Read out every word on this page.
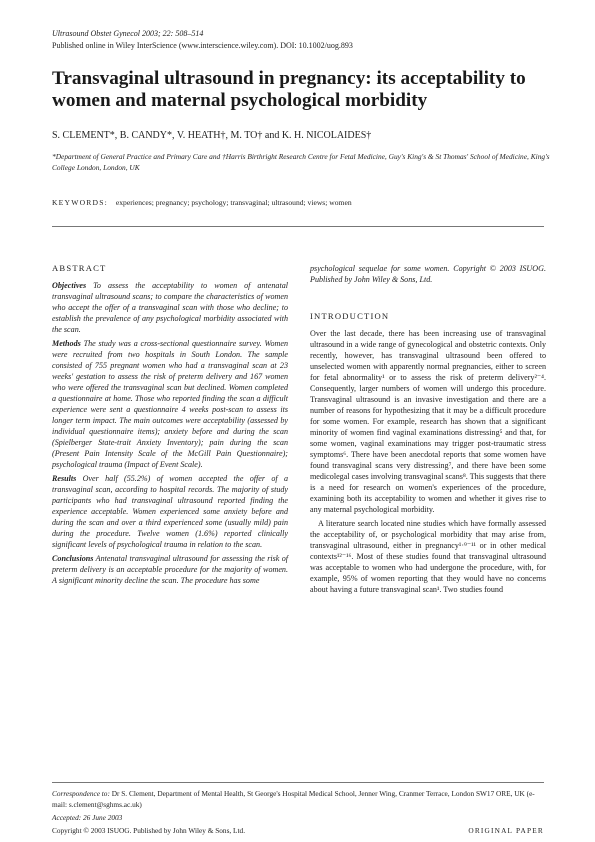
Ultrasound Obstet Gynecol 2003; 22: 508–514
Published online in Wiley InterScience (www.interscience.wiley.com). DOI: 10.1002/uog.893
Transvaginal ultrasound in pregnancy: its acceptability to women and maternal psychological morbidity
S. CLEMENT*, B. CANDY*, V. HEATH†, M. TO† and K. H. NICOLAIDES†
*Department of General Practice and Primary Care and †Harris Birthright Research Centre for Fetal Medicine, Guy's King's & St Thomas' School of Medicine, King's College London, London, UK
KEYWORDS: experiences; pregnancy; psychology; transvaginal; ultrasound; views; women
ABSTRACT

Objectives To assess the acceptability to women of antenatal transvaginal ultrasound scans; to compare the characteristics of women who accept the offer of a transvaginal scan with those who decline; to establish the prevalence of any psychological morbidity associated with the scan.

Methods The study was a cross-sectional questionnaire survey. Women were recruited from two hospitals in South London. The sample consisted of 755 pregnant women who had a transvaginal scan at 23 weeks' gestation to assess the risk of preterm delivery and 167 women who were offered the transvaginal scan but declined. Women completed a questionnaire at home. Those who reported finding the scan a difficult experience were sent a questionnaire 4 weeks post-scan to assess its longer term impact. The main outcomes were acceptability (assessed by individual questionnaire items); anxiety before and during the scan (Spielberger State-trait Anxiety Inventory); pain during the scan (Present Pain Intensity Scale of the McGill Pain Questionnaire); psychological trauma (Impact of Event Scale).

Results Over half (55.2%) of women accepted the offer of a transvaginal scan, according to hospital records. The majority of study participants who had transvaginal ultrasound reported finding the experience acceptable. Women experienced some anxiety before and during the scan and over a third experienced some (usually mild) pain during the procedure. Twelve women (1.6%) reported clinically significant levels of psychological trauma in relation to the scan.

Conclusions Antenatal transvaginal ultrasound for assessing the risk of preterm delivery is an acceptable procedure for the majority of women. A significant minority decline the scan. The procedure has some

psychological sequelae for some women. Copyright © 2003 ISUOG. Published by John Wiley & Sons, Ltd.

INTRODUCTION

Over the last decade, there has been increasing use of transvaginal ultrasound in a wide range of gynecological and obstetric contexts. Only recently, however, has transvaginal ultrasound been offered to unselected women with apparently normal pregnancies, either to screen for fetal abnormality¹ or to assess the risk of preterm delivery²⁻⁴. Consequently, larger numbers of women will undergo this procedure. Transvaginal ultrasound is an invasive investigation and there are a number of reasons for hypothesizing that it may be a difficult procedure for some women. For example, research has shown that a significant minority of women find vaginal examinations distressing⁵ and that, for some women, vaginal examinations may trigger post-traumatic stress symptoms⁶. There have been anecdotal reports that some women have found transvaginal scans very distressing⁷, and there have been some medicolegal cases involving transvaginal scans⁸. This suggests that there is a need for research on women's experiences of the procedure, examining both its acceptability to women and whether it gives rise to any maternal psychological morbidity.

A literature search located nine studies which have formally assessed the acceptability of, or psychological morbidity that may arise from, transvaginal ultrasound, either in pregnancy¹·⁹⁻¹¹ or in other medical contexts¹²⁻¹⁶. Most of these studies found that transvaginal ultrasound was acceptable to women who had undergone the procedure, with, for example, 95% of women reporting that they would have no concerns about having a future transvaginal scan¹. Two studies found

Correspondence to: Dr S. Clement, Department of Mental Health, St George's Hospital Medical School, Jenner Wing, Cranmer Terrace, London SW17 ORE, UK (e-mail: s.clement@sghms.ac.uk)
Accepted: 26 June 2003
Copyright © 2003 ISUOG. Published by John Wiley & Sons, Ltd.	ORIGINAL PAPER
